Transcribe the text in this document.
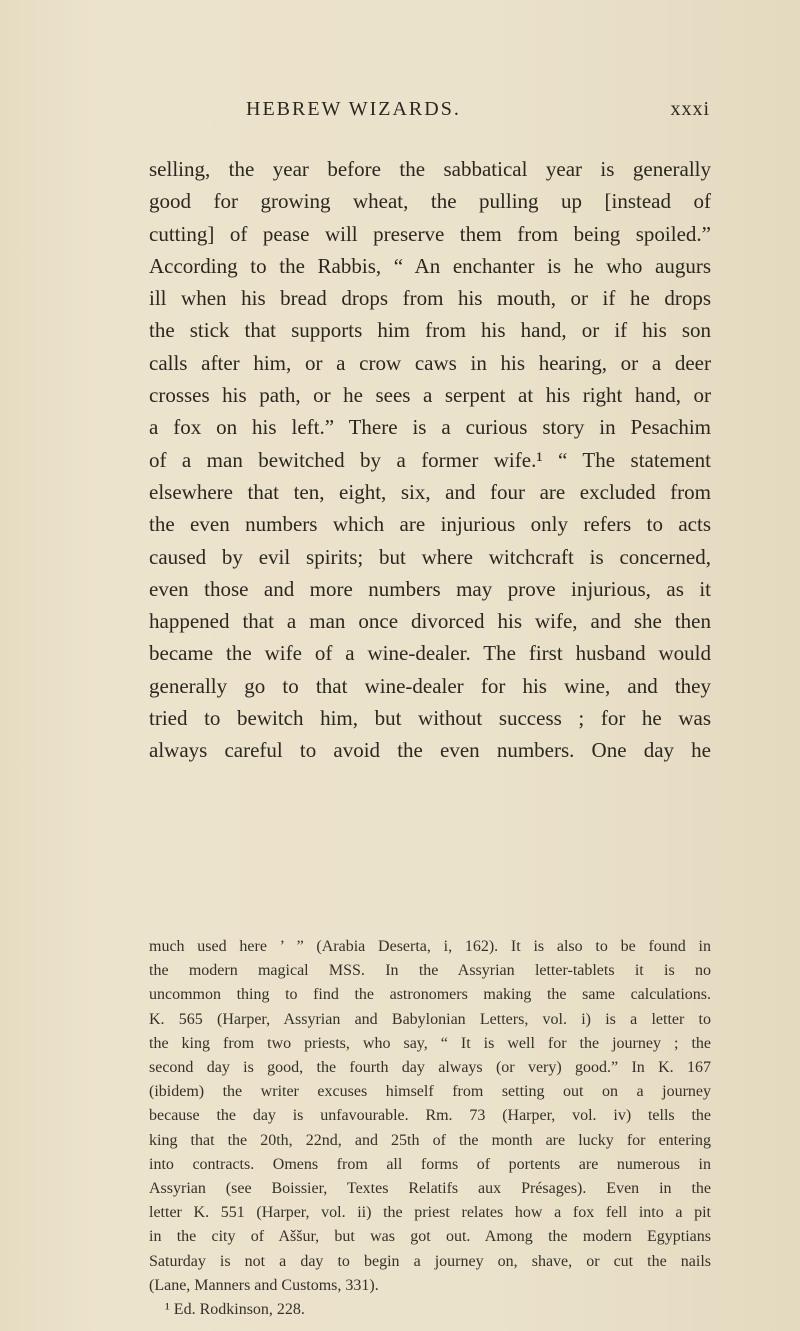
HEBREW WIZARDS.	xxxi
selling, the year before the sabbatical year is generally
good for growing wheat, the pulling up [instead of
cutting] of pease will preserve them from being spoiled.”
According to the Rabbis, “ An enchanter is he who augurs
ill when his bread drops from his mouth, or if he drops
the stick that supports him from his hand, or if his son
calls after him, or a crow caws in his hearing, or a deer
crosses his path, or he sees a serpent at his right hand, or
a fox on his left.” There is a curious story in Pesachim
of a man bewitched by a former wife.¹ “ The statement
elsewhere that ten, eight, six, and four are excluded from
the even numbers which are injurious only refers to acts
caused by evil spirits; but where witchcraft is concerned,
even those and more numbers may prove injurious, as it
happened that a man once divorced his wife, and she then
became the wife of a wine-dealer. The first husband would
generally go to that wine-dealer for his wine, and they
tried to bewitch him, but without success ; for he was
always careful to avoid the even numbers. One day he
much used here ’ ” (Arabia Deserta, i, 162). It is also to be found in
the modern magical MSS. In the Assyrian letter-tablets it is no
uncommon thing to find the astronomers making the same calculations.
K. 565 (Harper, Assyrian and Babylonian Letters, vol. i) is a letter to
the king from two priests, who say, “ It is well for the journey ; the
second day is good, the fourth day always (or very) good.” In K. 167
(ibidem) the writer excuses himself from setting out on a journey
because the day is unfavourable. Rm. 73 (Harper, vol. iv) tells the
king that the 20th, 22nd, and 25th of the month are lucky for entering
into contracts. Omens from all forms of portents are numerous in
Assyrian (see Boissier, Textes Relatifs aux Présages). Even in the
letter K. 551 (Harper, vol. ii) the priest relates how a fox fell into a pit
in the city of Aššur, but was got out. Among the modern Egyptians
Saturday is not a day to begin a journey on, shave, or cut the nails
(Lane, Manners and Customs, 331).
¹ Ed. Rodkinson, 228.
